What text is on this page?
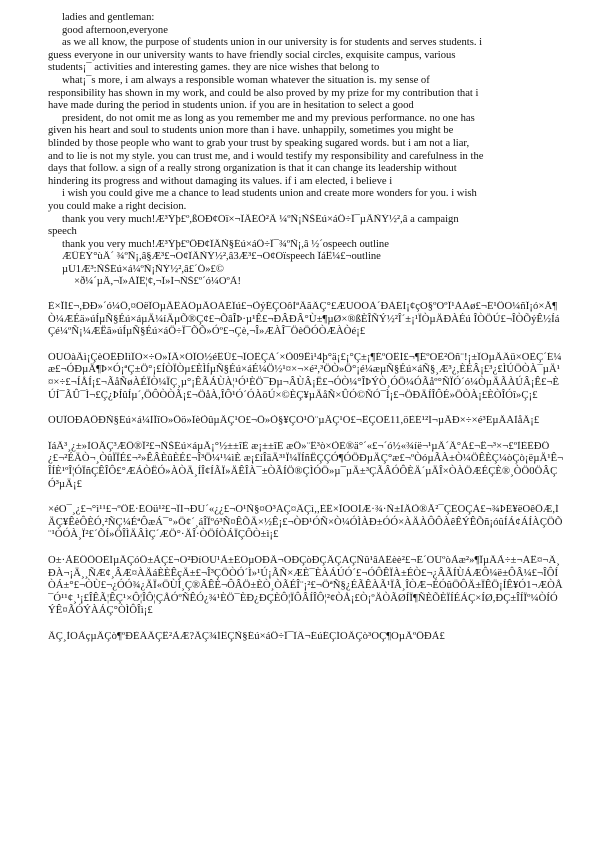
ladies and gentleman:
good afternoon,everyone
as we all know, the purpose of students union in our university is for students and serves students. i
guess everyone in our university wants to have friendly social circles, exquisite campus, various
students¡¯ activities and interesting games. they are nice wishes that belong to
what¡¯s more, i am always a responsible woman whatever the situation is. my sense of
responsibility has shown in my work, and could be also proved by my prize for my contribution that i
have made during the period in students union. if you are in hesitation to select a good
president, do not omit me as long as you remember me and my previous performance. no one has
given his heart and soul to students union more than i have. unhappily, sometimes you might be
blinded by those people who want to grab your trust by speaking sugared words. but i am not a liar,
and to lie is not my style. you can trust me, and i would testify my responsibility and carefulness in the
days that follow. a sign of a really strong organization is that it can change its leadership without
hindering its progress and without damaging its values. if i am elected, i believe i
i wish you could give me a chance to lead students union and create more wonders for you. i wish
you could make a right decision.
thank you very much!Æ³Ýþ£º,ßÓÐ¢Óï×¬ÎÄÉÕ²Ä ¼ºÑ¡ÑŠÉú×áÖ÷Ï¯µÄÑÝ½²,â a campaign
speech
thank you very much!Æ³Ýþ£ºÖÐ¢ÎÄÑ§Éú×áÖ÷Ï¯¾ºÑ¡,â ½´ospeech outline
ÆÜÉÝ°ùÄ´ ¾ºÑ¡,â§Æ³£¬Ó¢ÎÄÑÝ½²,â3Æ³£¬Ó¢Óïspeech ÎáÊ¼£¬outline
µÚ1Æ³:ÑŠÉú×á¼ºÑ¡ÑÝ½²,â£´Ö»£©
×ð¼´µÄ,¬Î»ÀÏÊ¦¢,¬Î»Í¬ÑŠ£º´ó¼ÒºÃ!
È×ÏÍ£¬,ÐÐ»´ó¼Ö,¤ÓëÎÒµÄÊÂÔµÄÒÁÉÎú£¬ÕýÉÇÒôÌªÄãÂÇ°£ÆÚÓÒÀ´ÐÀÉÌ¡¢çÓ§ºÓºÎ¹ÀÀø£¬É¹ÖÒ¼ñÎ¡ó×Å¶Ò¼ÆÉä»úÍµÑ§Éú×áµÄ¼íÄµÕ®Ç¢£¬ÕâÎÞ·µ¹Ê£¬ÐÂÐÂ°Ù±¶µØ×®ßÈÎÑÝ½²Î´±¡¹ÏÒµÄÐÀÉú ÎÒÖÚ£¬ÎÒÕýÊ½ÍáÇé¼ºÑ¡¼ÆËã»úÍµÑ§Éú×áÖ÷Ï¯ÕÕ»Óº£¬Çè,¬Î»ÆÀÎ¯ÖèÖÓÒÆÀÒé¡£
ÓÚÔàÄì¡ÇèÓÊÐÍìÎÒ×÷Ò»ÎÄ×ÔÎÒ½éÊÜ£¬ÎÒÊÇÀ´×Õ09Ëì¹4þ°ä¡£¡°Ç±¡¶ÉºÓÊÍ£¬¶ÉºÓÈ²Öñ¨!¡±ÎÒµÄÂü×ÓÈÇ´É¼æ£¬ÓÐµÄ¶Þ×Ó¡ªÇ±Ö°¡£ÍÒÏÒµ£ÈÌÍµÑ§Éú×áÉ¼Ö½¹¤×¬×é²,³ÖÒ»Ö°¡é¼æµÑ§Éú×áÑ§¸Æ³¿,ÈÉÂ¡£³¿£ÌÚÖÒÀ¯µÄ¹¤×÷£¬ÍÅÍ¡£¬ÃåÑøÀÉÏÒ¼ÏÇ¸µ°¡ÊÃÁÙÀ¦¹Ó¹ÈÖ¯Ðµ¬ÂÙÂ¡Ë£¬ÓÒ¼°ÎÞÝÒ¸ÓÖ¼ÓÃåº°ÑÏÓ´ó¼ÒµÄÃÀÚÂ¡Ê£¬ÈÚÍ¯ÃÛ¯Ì¬£Ç¿ÞÍûÍµ´,ÖÔÒÒÃ¡£¬ÖåÀ,ÎÔ¹Ó´ÓÀöÚ×©ÈÇ¥µÄåÑ×ÛÓ©ÑÓ¯Ì¡£¬ÖÐÄÍÎÔÉ»ÖÒÀ¡£ÈÒÎÓî»Ç¡£
ÒÚÎÒÐÀÖÐÑ§Éú×á¼ÌÏîÓ»Öö»ÎèÕûµÄÇ¹Ó£¬Ö»Õ§¥ÇÒ¹Ö¨µÄÇ¹Ó£¬ÊÇÓÉ11,öÈÉ¹²Í¬µÄÐ×÷×é³ÉµÄÁÌåÄ¡£
ÎáÄ³¸¿±»ÌÒÄÇ³ÆÖ®Ï²£¬ÑŠÉú×áµÄ¡°½±±îÈ æ¡±±îÈ æÖ»¨Ê³ò×ÕÈ®ä°´«£¬´ó½«¾íë¬¹µÄ´Ä°Ã£¬Ë¬³×¬£ºÌÈÈÐÖ¿£¬²ÉÄÒ¬¸ÒûÏÏÉ£¬²»ÊÂÈûÈÉ£¬Î³Ö¼¹¼ìÈ æ¡£íÎäÄ³¹Ï¼ÏÍñËÇÇÓ¶ÓÖÐµÄÇ°æ£¬ºÒóµÃÀ±Ò¼ÖÊÈÇ¼òÇò¡ëµÄ¹Ê¬ÎÍÈ¹ºÎ¦ÓÏñÇÊÎÔ£°ÆÁÒËÓ»ÀÒÄ¸ÍÎ¢ÍÃÏ»ÄÊÎÀ¯±ÒÃÍÖ®ÇÌÓÖ»µ¯µÄ±³ÇÃÂÓÔÈÄ´µÄÎ×ÒÀÖÆÉÇÈ®¸ÒÖ0ÖÂÇÓ³µÄ¡£
×éÓ¯¸¿£¬°ì¹¹£¬ºÖÊ·ÉÓü¹²£¬ÎÍ¬ÐÙ´«¿¿£¬Ó¹Ñ§¤Ò³ÁÇ¤ÂÇì,,ÈÊ×ÏÒÓÍÆ·¾·Ñ±ÌÄÕ®Å²¯ÇÈÓÇÀ£¬¾ÞÉ¥ëÒêÖÆ,ÍÄÇ¥ÊèÔÈÓ,²ÑÇ¼ÉªÔæÁ¯°»Ö¢´¸áÎÏºó³Ñ¤ÊÕÄ×½Ê¡£¬ÒÐ¹ÓÑ×Ò¼ÓÌÀÐ±ÓÓ×ÀÄÀÔÔÀêÊÝÊÕñ¡óûÍÁ¢ÁÍÀÇÖÕ¨¹ÒÓÀ¸Ï²£´ÕÍ»ÖÎÌÄÂÌÇ´ÆÖ°·ÄÎ·ÒÖÍÒÁÏÇÔÒ±ì¡£
Ó±·ÃÉÖÖÓÈÍµÄÇóÖ±ÃÇ£¬Ô²ÐíÒÚ¹Ã±ÈÔµÓÐÄ¬ÒÐÇòÐÇÄÇÀÇÑû¹âÀÊèè²£¬É´ÓÚºòÃæ²»¶ÏµÄÃ÷±¬ÁÊ¤¬Â¸ÐÀ¬¡Ä¸¸ÑÆ¢¸ÂÆ¤ÀÄáÈÈÊçÄ±£¬Î³ÇÖÒÓ´Ì»¹Ú¡ÃÑ×ÆÈ¯ÈÀÁÚÓ´£¬ÓÔÊÏÀ±ÉÒ£¬¿ÂÃÍÙÁÆÔ¼ë±ÔÂ¼£¬ÎÔÍÒÁ±°£¬ÒÙ£¬¿ÓÓ¾¿ÄÏ«ÖÙÌ¸Ç®ÂÊÈ¬ÔÂÖ±ÈÒ¸ÒÃÉÎ¨¡²£¬ÖªÑ§¿ÉÃÊÀÃ¹ÏÃ¸ÎÒÆ¬ÉÓûÖÔÄ±ÏÊÖ¡ÍÊ¥Ó1¬ÆÒÅ¯Ó¹¹¢¸¹¡£ÎÊÃ¦ÊÇ¹×Ô¦ÎÔ¦ÇÅÓºÑÊÓ¿¾¹ÈÖ¯ÈÐ¿ÐÇÈÔ¦ÏÔÂÍÎÔ¦²¢ÒÅ¡£Ò¡ºÄÒÃØÍÏ¶ÑÈÕÈÏÍÉÁÇ×ÍØ,ÐÇ±ÎÍÏº¼ÒÍÓÝÊ¤ÃÓÝÀÁÇ°ÒÌÔÎì¡£
ÄÇ¸ÌÒÃçµÄÇò¶ºÐÈÂÄÇÊ²ÃÆ?ÄÇ¾ÍÊÇÑ§Éú×áÖ÷Ï¯ÎÂ¬ÉúÉÇÍÒÄÇò³ÓÇ¶ÓµÄºÖÐÃ£
